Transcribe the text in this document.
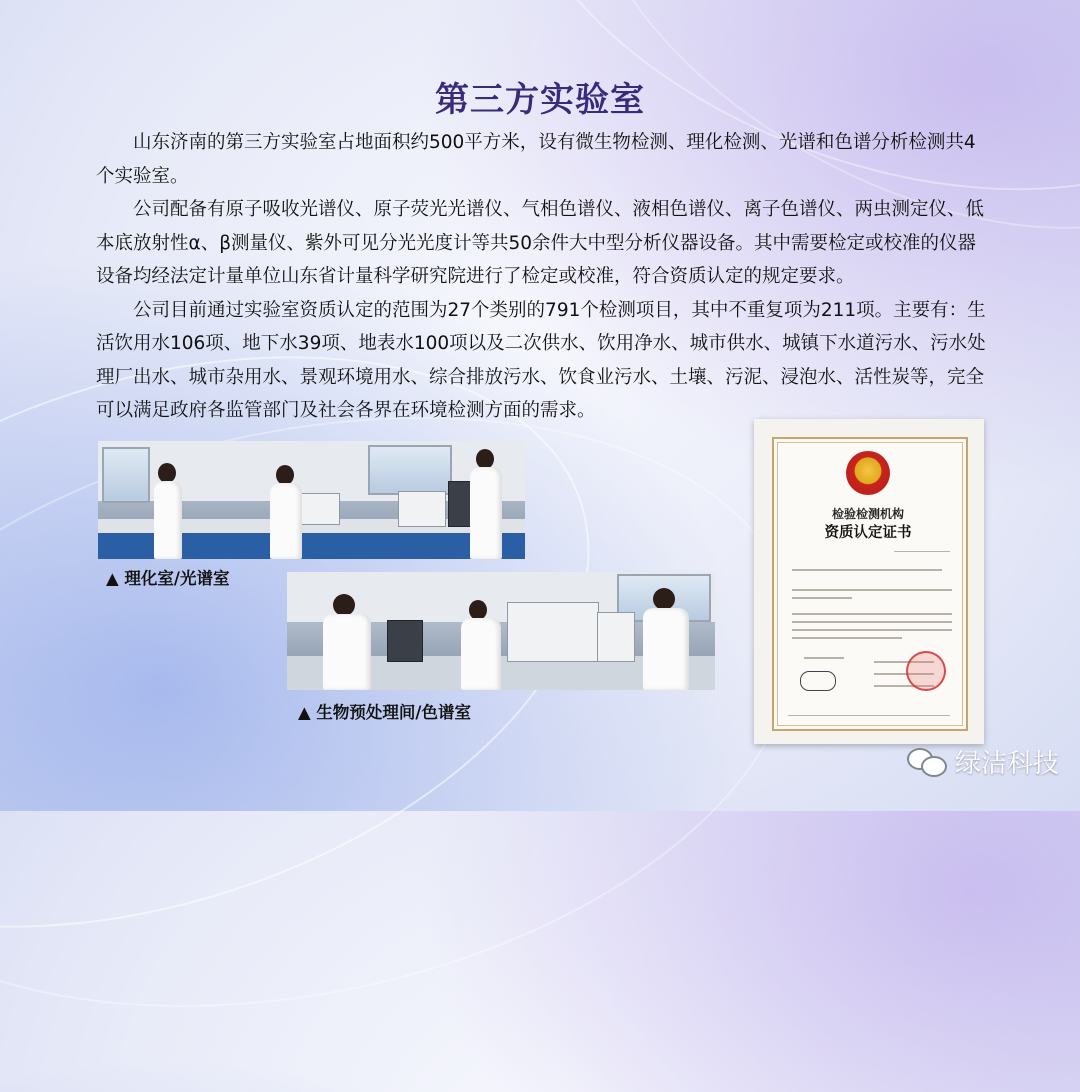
第三方实验室

山东济南的第三方实验室占地面积约500平方米，设有微生物检测、理化检测、光谱和色谱分析检测共4个实验室。

公司配备有原子吸收光谱仪、原子荧光光谱仪、气相色谱仪、液相色谱仪、离子色谱仪、两虫测定仪、低本底放射性α、β测量仪、紫外可见分光光度计等共50余件大中型分析仪器设备。其中需要检定或校准的仪器设备均经法定计量单位山东省计量科学研究院进行了检定或校准，符合资质认定的规定要求。

公司目前通过实验室资质认定的范围为27个类别的791个检测项目，其中不重复项为211项。主要有：生活饮用水106项、地下水39项、地表水100项以及二次供水、饮用净水、城市供水、城镇下水道污水、污水处理厂出水、城市杂用水、景观环境用水、综合排放污水、饮食业污水、土壤、污泥、浸泡水、活性炭等，完全可以满足政府各监管部门及社会各界在环境检测方面的需求。

▲ 理化室/光谱室
▲ 生物预处理间/色谱室
检验检测机构
资质认定证书
绿洁科技
